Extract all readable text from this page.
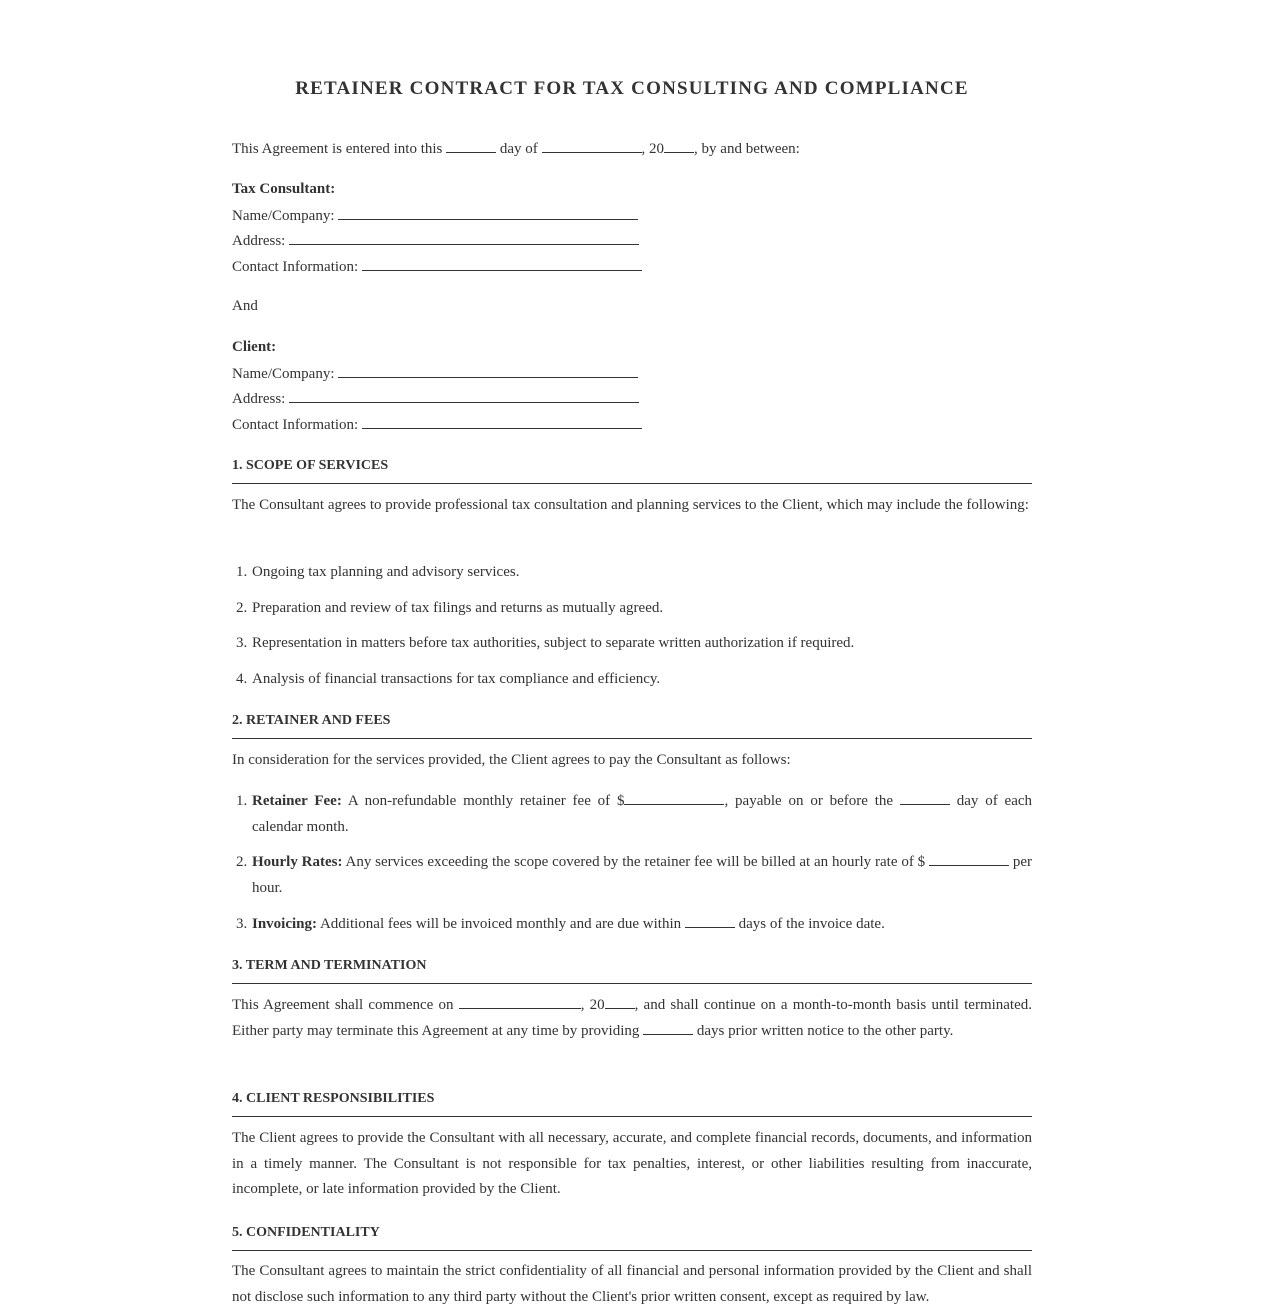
RETAINER CONTRACT FOR TAX CONSULTING AND COMPLIANCE
This Agreement is entered into this	day of	, 20 , by and between:
Tax Consultant:
Name/Company:
Address:
Contact Information:
And
Client:
Name/Company:
Address:
Contact Information:
1. SCOPE OF SERVICES
The Consultant agrees to provide professional tax consultation and planning services to the Client, which may include the following:
1. Ongoing tax planning and advisory services.
2. Preparation and review of tax filings and returns as mutually agreed.
3. Representation in matters before tax authorities, subject to separate written authorization if required.
4. Analysis of financial transactions for tax compliance and efficiency.
2. RETAINER AND FEES
In consideration for the services provided, the Client agrees to pay the Consultant as follows:
1. Retainer Fee: A non-refundable monthly retainer fee of $	, payable on or before the	day of each calendar month.
2. Hourly Rates: Any services exceeding the scope covered by the retainer fee will be billed at an hourly rate of $	per hour.
3. Invoicing: Additional fees will be invoiced monthly and are due within	days of the invoice date.
3. TERM AND TERMINATION
This Agreement shall commence on	, 20 , and shall continue on a month-to-month basis until terminated. Either party may terminate this Agreement at any time by providing	days prior written notice to the other party.
4. CLIENT RESPONSIBILITIES
The Client agrees to provide the Consultant with all necessary, accurate, and complete financial records, documents, and information in a timely manner. The Consultant is not responsible for tax penalties, interest, or other liabilities resulting from inaccurate, incomplete, or late information provided by the Client.
5. CONFIDENTIALITY
The Consultant agrees to maintain the strict confidentiality of all financial and personal information provided by the Client and shall not disclose such information to any third party without the Client's prior written consent, except as required by law.
